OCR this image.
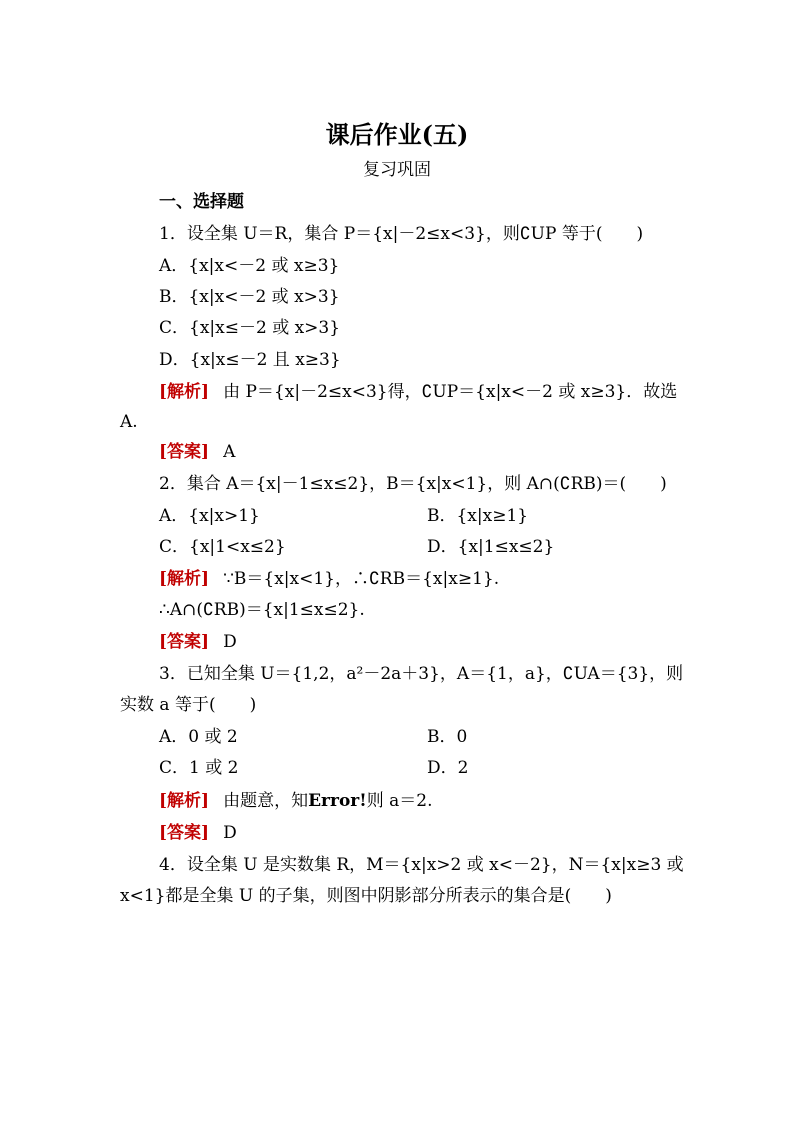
课后作业(五)
复习巩固
一、选择题
1．设全集 U＝R，集合 P＝{x|－2≤x<3}，则∁UP 等于(　　)
A．{x|x<－2 或 x≥3}
B．{x|x<－2 或 x>3}
C．{x|x≤－2 或 x>3}
D．{x|x≤－2 且 x≥3}
[解析] 由 P＝{x|－2≤x<3}得，∁UP＝{x|x<－2 或 x≥3}．故选
A.
[答案] A
2．集合 A＝{x|－1≤x≤2}，B＝{x|x<1}，则 A∩(∁RB)＝(　　)
A．{x|x>1}	B．{x|x≥1}
C．{x|1<x≤2}	D．{x|1≤x≤2}
[解析] ∵B＝{x|x<1}，∴∁RB＝{x|x≥1}.
∴A∩(∁RB)＝{x|1≤x≤2}.
[答案] D
3．已知全集 U＝{1,2，a²－2a＋3}，A＝{1，a}，∁UA＝{3}，则
实数 a 等于(　　)
A．0 或 2	B．0
C．1 或 2	D．2
[解析] 由题意，知Error!则 a＝2.
[答案] D
4．设全集 U 是实数集 R，M＝{x|x>2 或 x<－2}，N＝{x|x≥3 或
x<1}都是全集 U 的子集，则图中阴影部分所表示的集合是(　　)
